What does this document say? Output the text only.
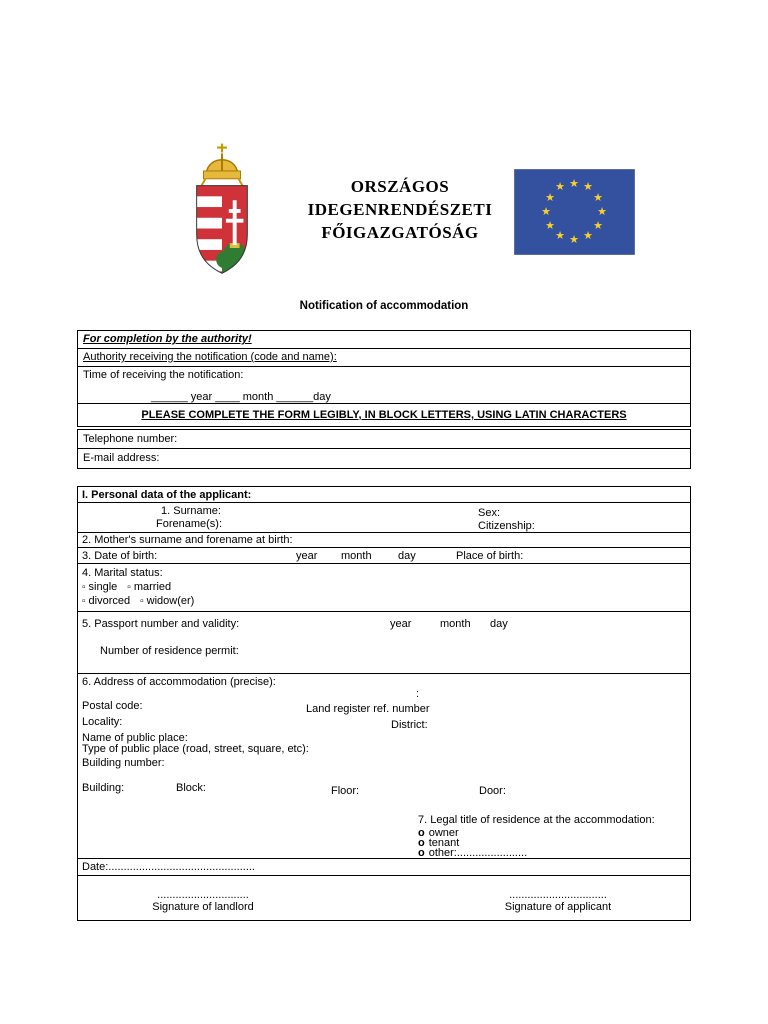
ORSZÁGOS
IDEGENRENDÉSZETI
FŐIGAZGATÓSÁG
★ ★
★
★
★
★
★
★
★
★
★
★
Notification of accommodation
For completion by the authority!
Authority receiving the notification (code and name):
Time of receiving the notification:
______ year ____ month ______day
PLEASE COMPLETE THE FORM LEGIBLY, IN BLOCK LETTERS, USING LATIN CHARACTERS
Telephone number:
E-mail address:
I. Personal data of the applicant:
1. Surname:
Forename(s):
Sex:
Citizenship:
2. Mother's surname and forename at birth:
3. Date of birth:	year month day	Place of birth:
4. Marital status:
▫ single ▫ married
▫ divorced ▫ widow(er)
5. Passport number and validity:	year	month day
Number of residence permit:
6. Address of accommodation (precise):
:
Postal code:	Land register ref. number
Locality:	District:
Name of public place:
Type of public place (road, street, square, etc):
Building number:
Building:	Block:	Floor:	Door:
7. Legal title of residence at the accommodation:
o owner
o tenant
o other:.......................
Date:................................................
..............................
Signature of landlord
................................
Signature of applicant
